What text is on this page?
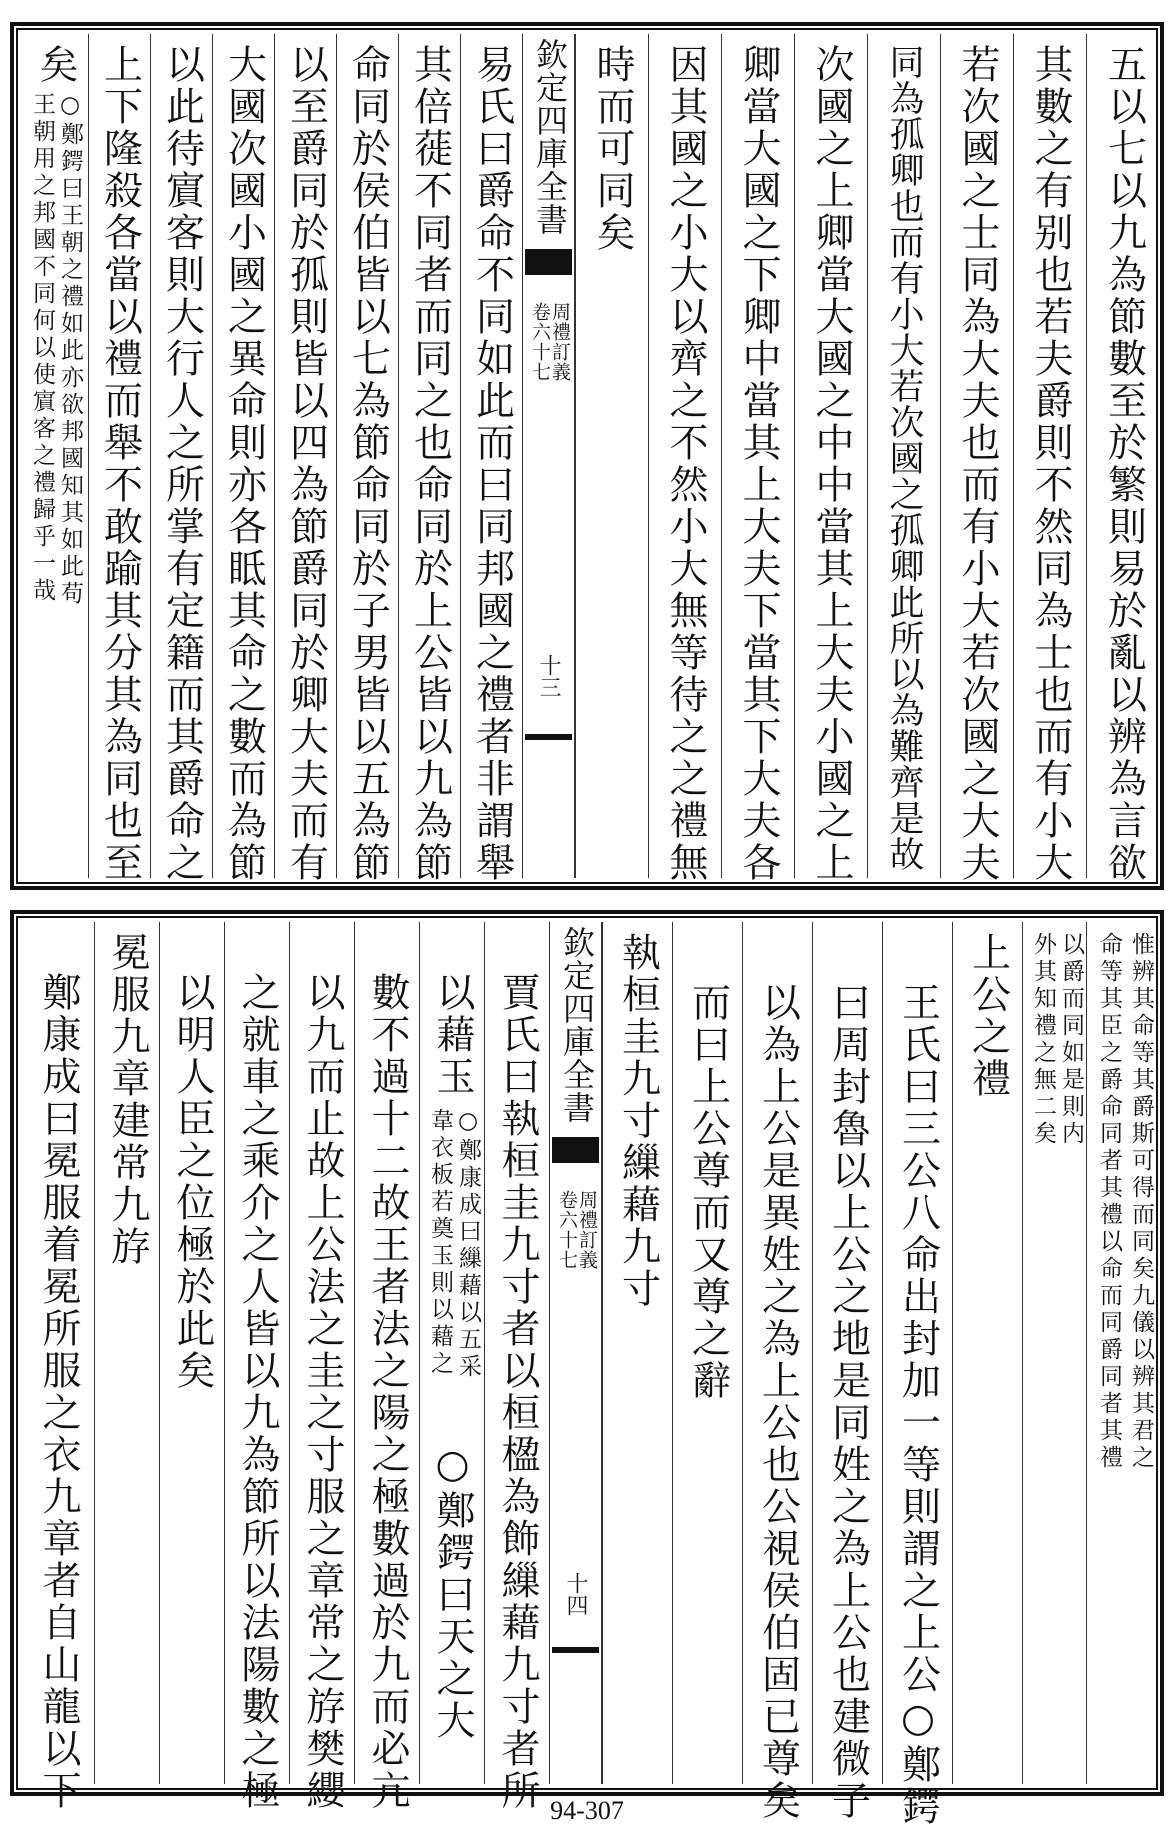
五以七以九為節數至於繁則易於亂以辨為言欲
其數之有别也若夫爵則不然同為士也而有小大
若次國之士同為大夫也而有小大若次國之大夫
同為孤卿也而有小大若次國之孤卿此所以為難齊是故
次國之上卿當大國之中中當其上大夫小國之上
卿當大國之下卿中當其上大夫下當其下大夫各
因其國之小大以齊之不然小大無等待之之禮無
時而可同矣
欽定四庫全書
周禮訂義
卷六十七
十三
易氏曰爵命不同如此而曰同邦國之禮者非謂舉
其倍蓰不同者而同之也命同於上公皆以九為節
命同於侯伯皆以七為節命同於子男皆以五為節
以至爵同於孤則皆以四為節爵同於卿大夫而有
大國次國小國之異命則亦各眡其命之數而為節
以此待賔客則大行人之所掌有定籍而其爵命之
上下隆殺各當以禮而舉不敢踰其分其為同也至
矣
○鄭鍔曰王朝之禮如此亦欲邦國知其如此苟
王朝用之邦國不同何以使賔客之禮歸乎一哉
惟辨其命等其爵斯可得而同矣九儀以辨其君之
命等其臣之爵命同者其禮以命而同爵同者其禮
以爵而同如是則内
外其知禮之無二矣
上公之禮
王氏曰三公八命出封加一等則謂之上公○鄭鍔
曰周封魯以上公之地是同姓之為上公也建微子
以為上公是異姓之為上公也公視侯伯固已尊矣
而曰上公尊而又尊之辭
執桓圭九寸繅藉九寸
欽定四庫全書
周禮訂義
卷六十七
十四
賈氏曰執桓圭九寸者以桓楹為飾繅藉九寸者所
以藉玉
○鄭康成曰繅藉以五采
韋衣板若奠玉則以藉之
○鄭鍔曰天之大
數不過十二故王者法之陽之極數過於九而必亢
以九而止故上公法之圭之寸服之章常之斿樊纓
之就車之乘介之人皆以九為節所以法陽數之極
以明人臣之位極於此矣
冕服九章建常九斿
鄭康成曰冕服着冕所服之衣九章者自山龍以下	94-307
